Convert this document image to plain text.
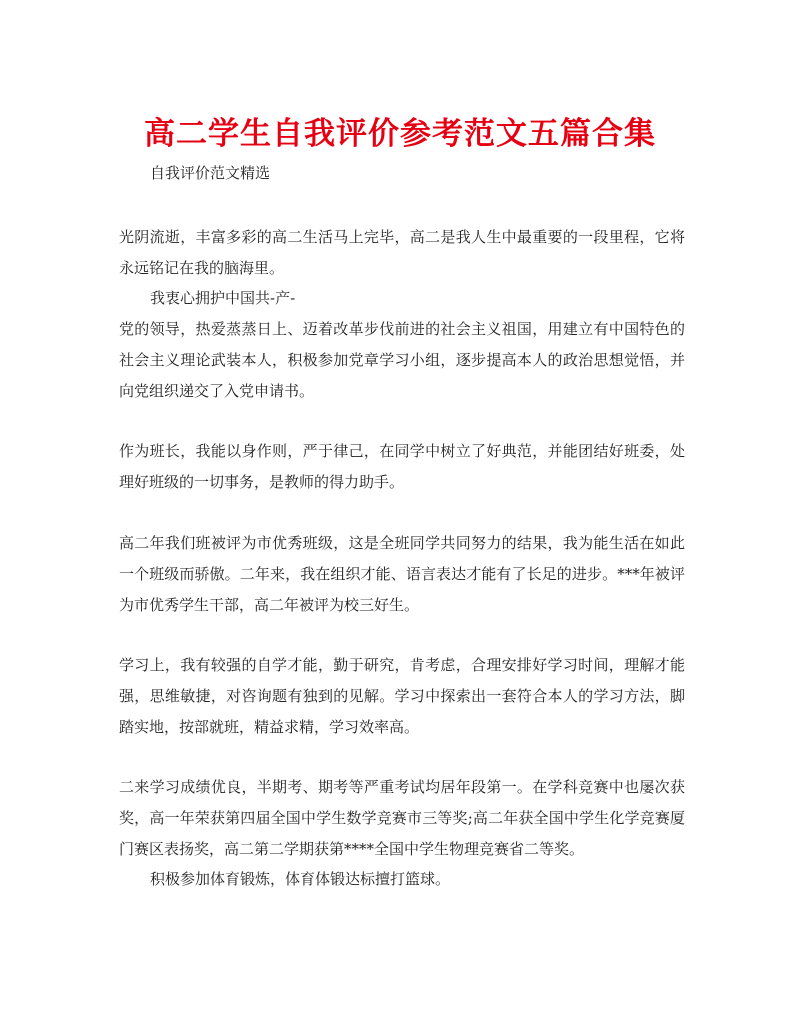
高二学生自我评价参考范文五篇合集

自我评价范文精选

光阴流逝，丰富多彩的高二生活马上完毕，高二是我人生中最重要的一段里程，它将永远铭记在我的脑海里。

我衷心拥护中国共-产-

党的领导，热爱蒸蒸日上、迈着改革步伐前进的社会主义祖国，用建立有中国特色的社会主义理论武装本人，积极参加党章学习小组，逐步提高本人的政治思想觉悟，并向党组织递交了入党申请书。

作为班长，我能以身作则，严于律己，在同学中树立了好典范，并能团结好班委，处理好班级的一切事务，是教师的得力助手。

高二年我们班被评为市优秀班级，这是全班同学共同努力的结果，我为能生活在如此一个班级而骄傲。二年来，我在组织才能、语言表达才能有了长足的进步。***年被评为市优秀学生干部，高二年被评为校三好生。

学习上，我有较强的自学才能，勤于研究，肯考虑，合理安排好学习时间，理解才能强，思维敏捷，对咨询题有独到的见解。学习中探索出一套符合本人的学习方法，脚踏实地，按部就班，精益求精，学习效率高。

二来学习成绩优良，半期考、期考等严重考试均居年段第一。在学科竞赛中也屡次获奖，高一年荣获第四届全国中学生数学竞赛市三等奖;高二年获全国中学生化学竞赛厦门赛区表扬奖，高二第二学期获第****全国中学生物理竞赛省二等奖。

积极参加体育锻炼，体育体锻达标擅打篮球。
